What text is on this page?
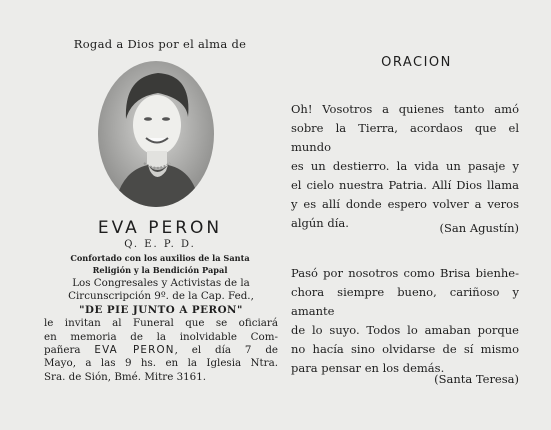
Rogad a Dios por el alma de
EVA PERON
Q. E. P. D.
Confortado con los auxilios de la Santa
Religión y la Bendición Papal
Los Congresales y Activistas de la
Circunscripción 9º. de la Cap. Fed.,
"DE PIE JUNTO A PERON"
le invitan al Funeral que se oficiará
en memoria de la inolvidable Com-
pañera EVA PERON, el día 7 de
Mayo, a las 9 hs. en la Iglesia Ntra.
Sra. de Sión, Bmé. Mitre 3161.
ORACION
Oh! Vosotros a quienes tanto amó
sobre la Tierra, acordaos que el mundo
es un destierro. la vida un pasaje y
el cielo nuestra Patria. Allí Dios llama
y es allí donde espero volver a veros
algún día.	(San Agustín)
Pasó por nosotros como Brisa bienhe-
chora siempre bueno, cariñoso y amante
de lo suyo. Todos lo amaban porque
no hacía sino olvidarse de sí mismo
para pensar en los demás.
(Santa Teresa)
